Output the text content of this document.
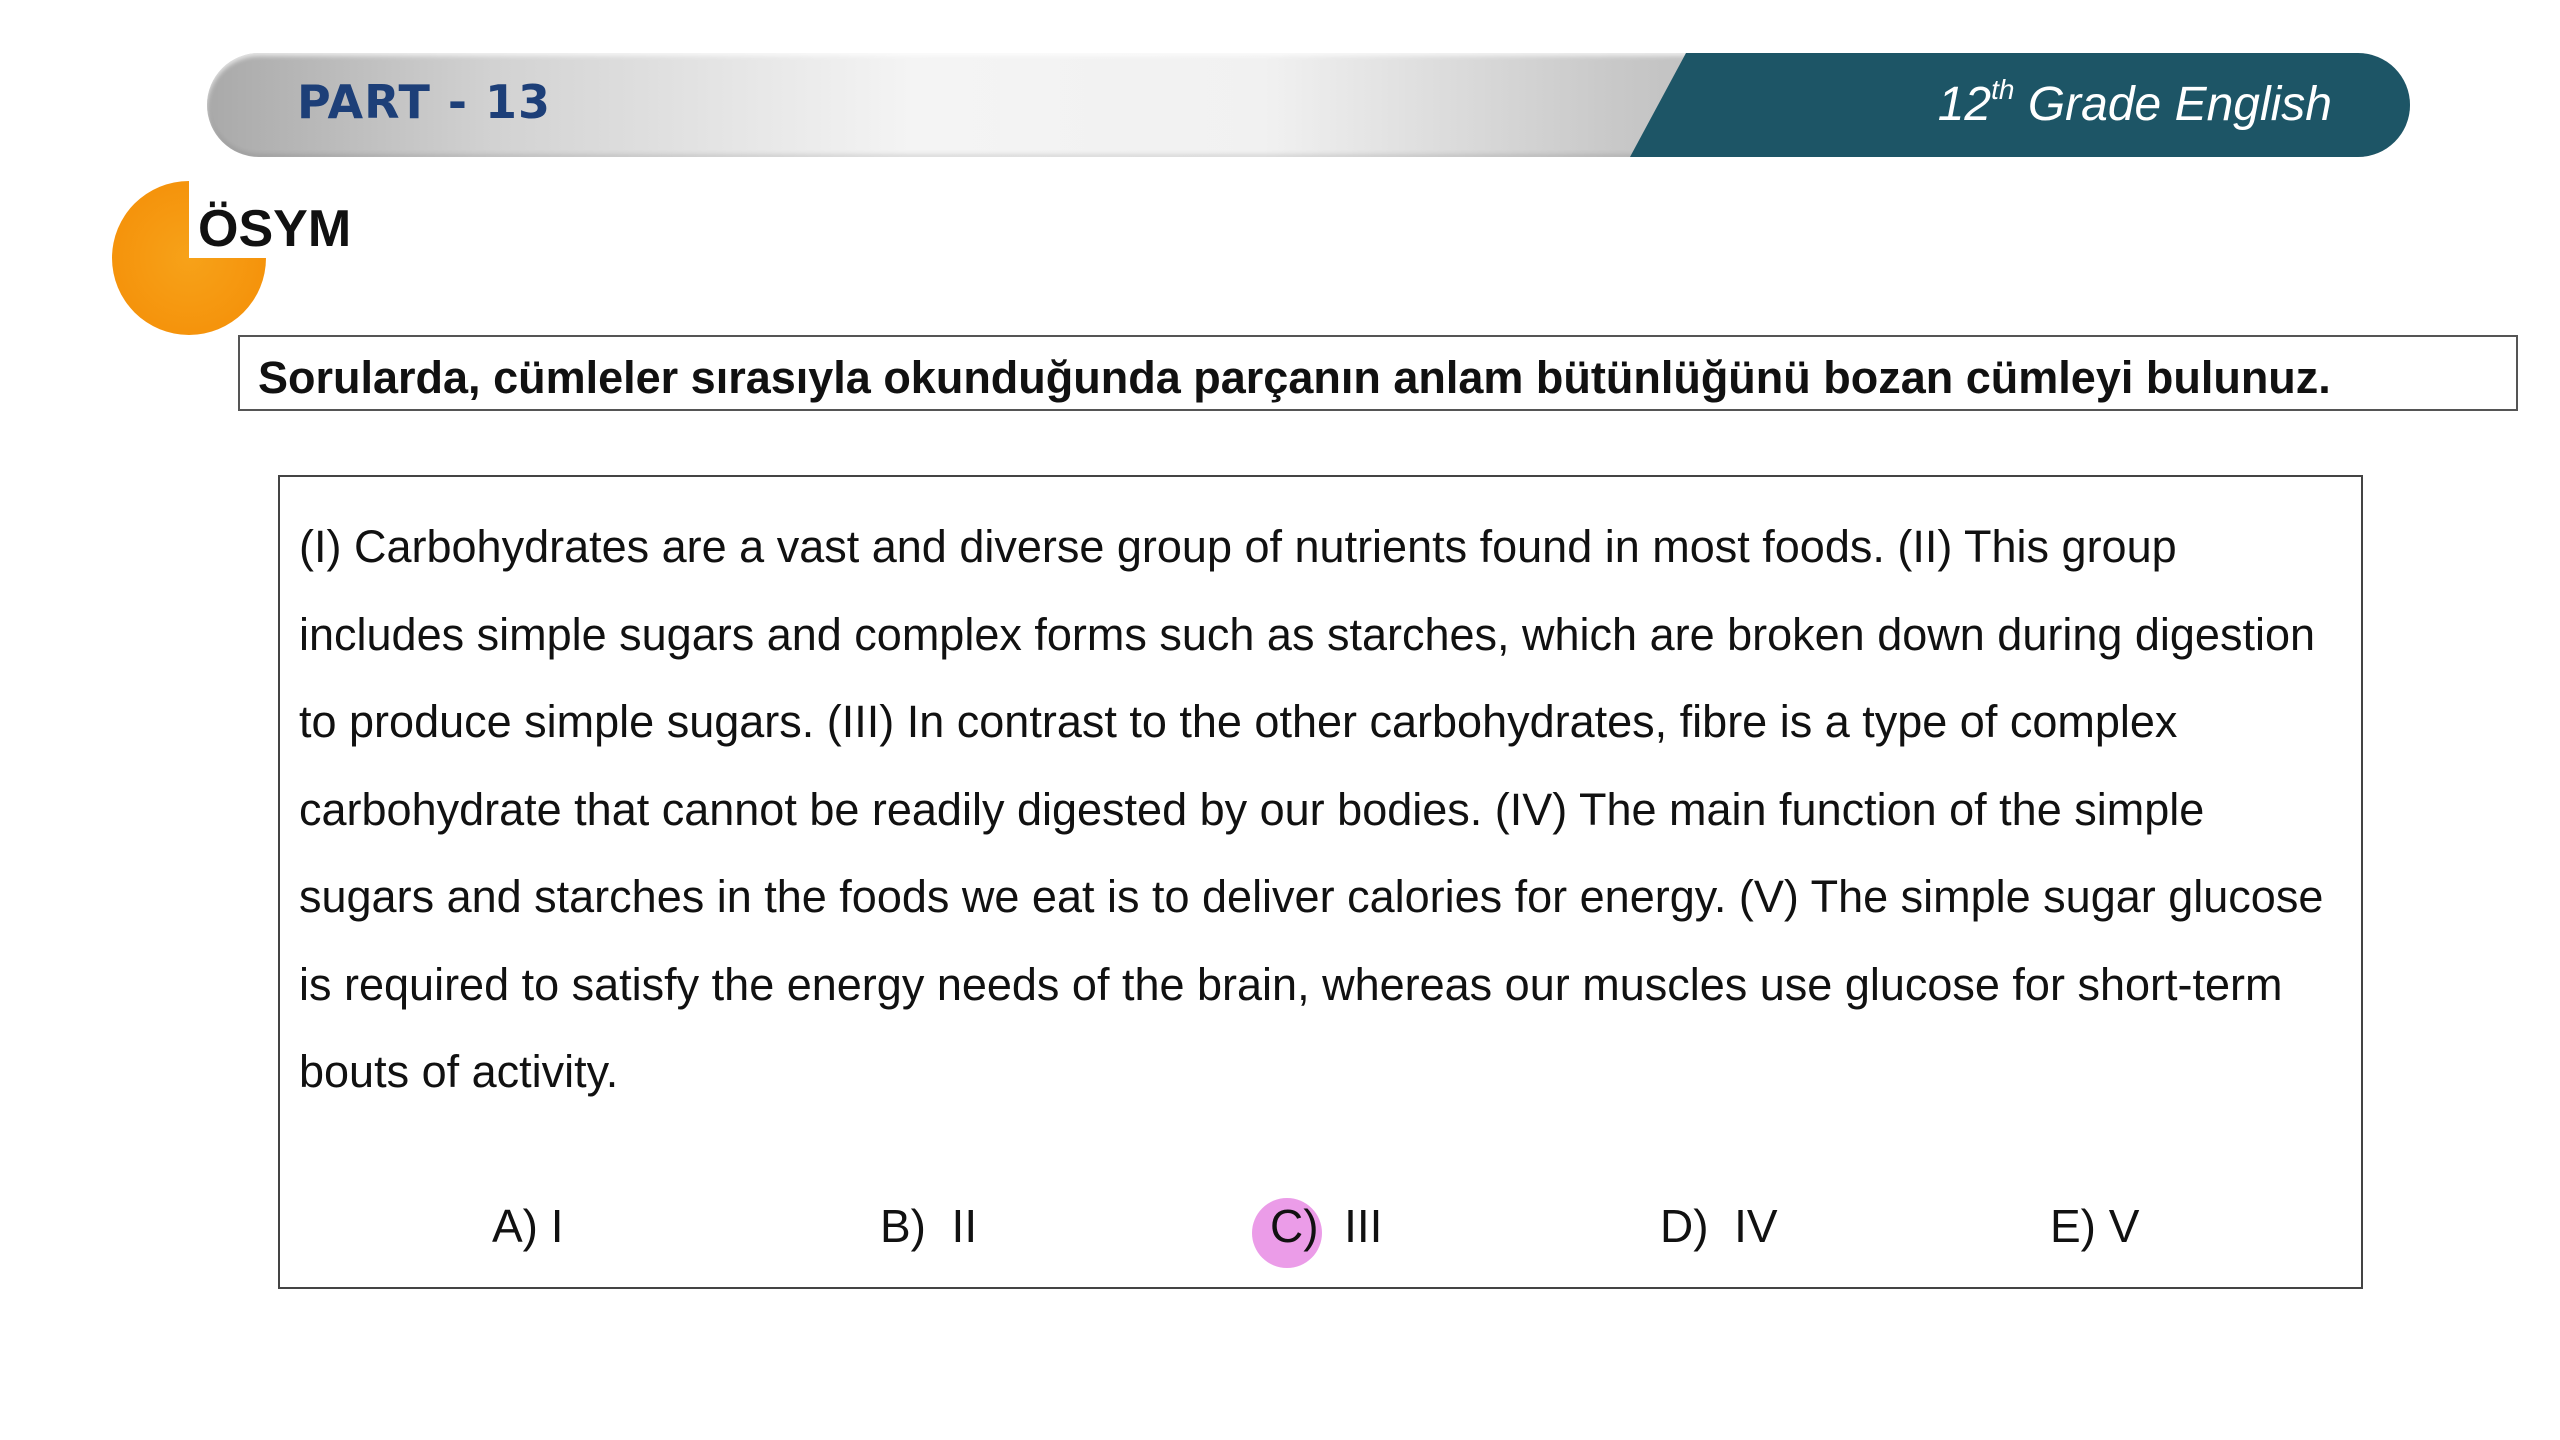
PART - 13	12th Grade English
ÖSYM
Sorularda, cümleler sırasıyla okunduğunda parçanın anlam bütünlüğünü bozan cümleyi bulunuz.

(I) Carbohydrates are a vast and diverse group of nutrients found in most foods. (II) This group includes simple sugars and complex forms such as starches, which are broken down during digestion to produce simple sugars. (III) In contrast to the other carbohydrates, fibre is a type of complex carbohydrate that cannot be readily digested by our bodies. (IV) The main function of the simple sugars and starches in the foods we eat is to deliver calories for energy. (V) The simple sugar glucose is required to satisfy the energy needs of the brain, whereas our muscles use glucose for short-term bouts of activity.

A) I	B)  II	C)  III	D)  IV	E) V
